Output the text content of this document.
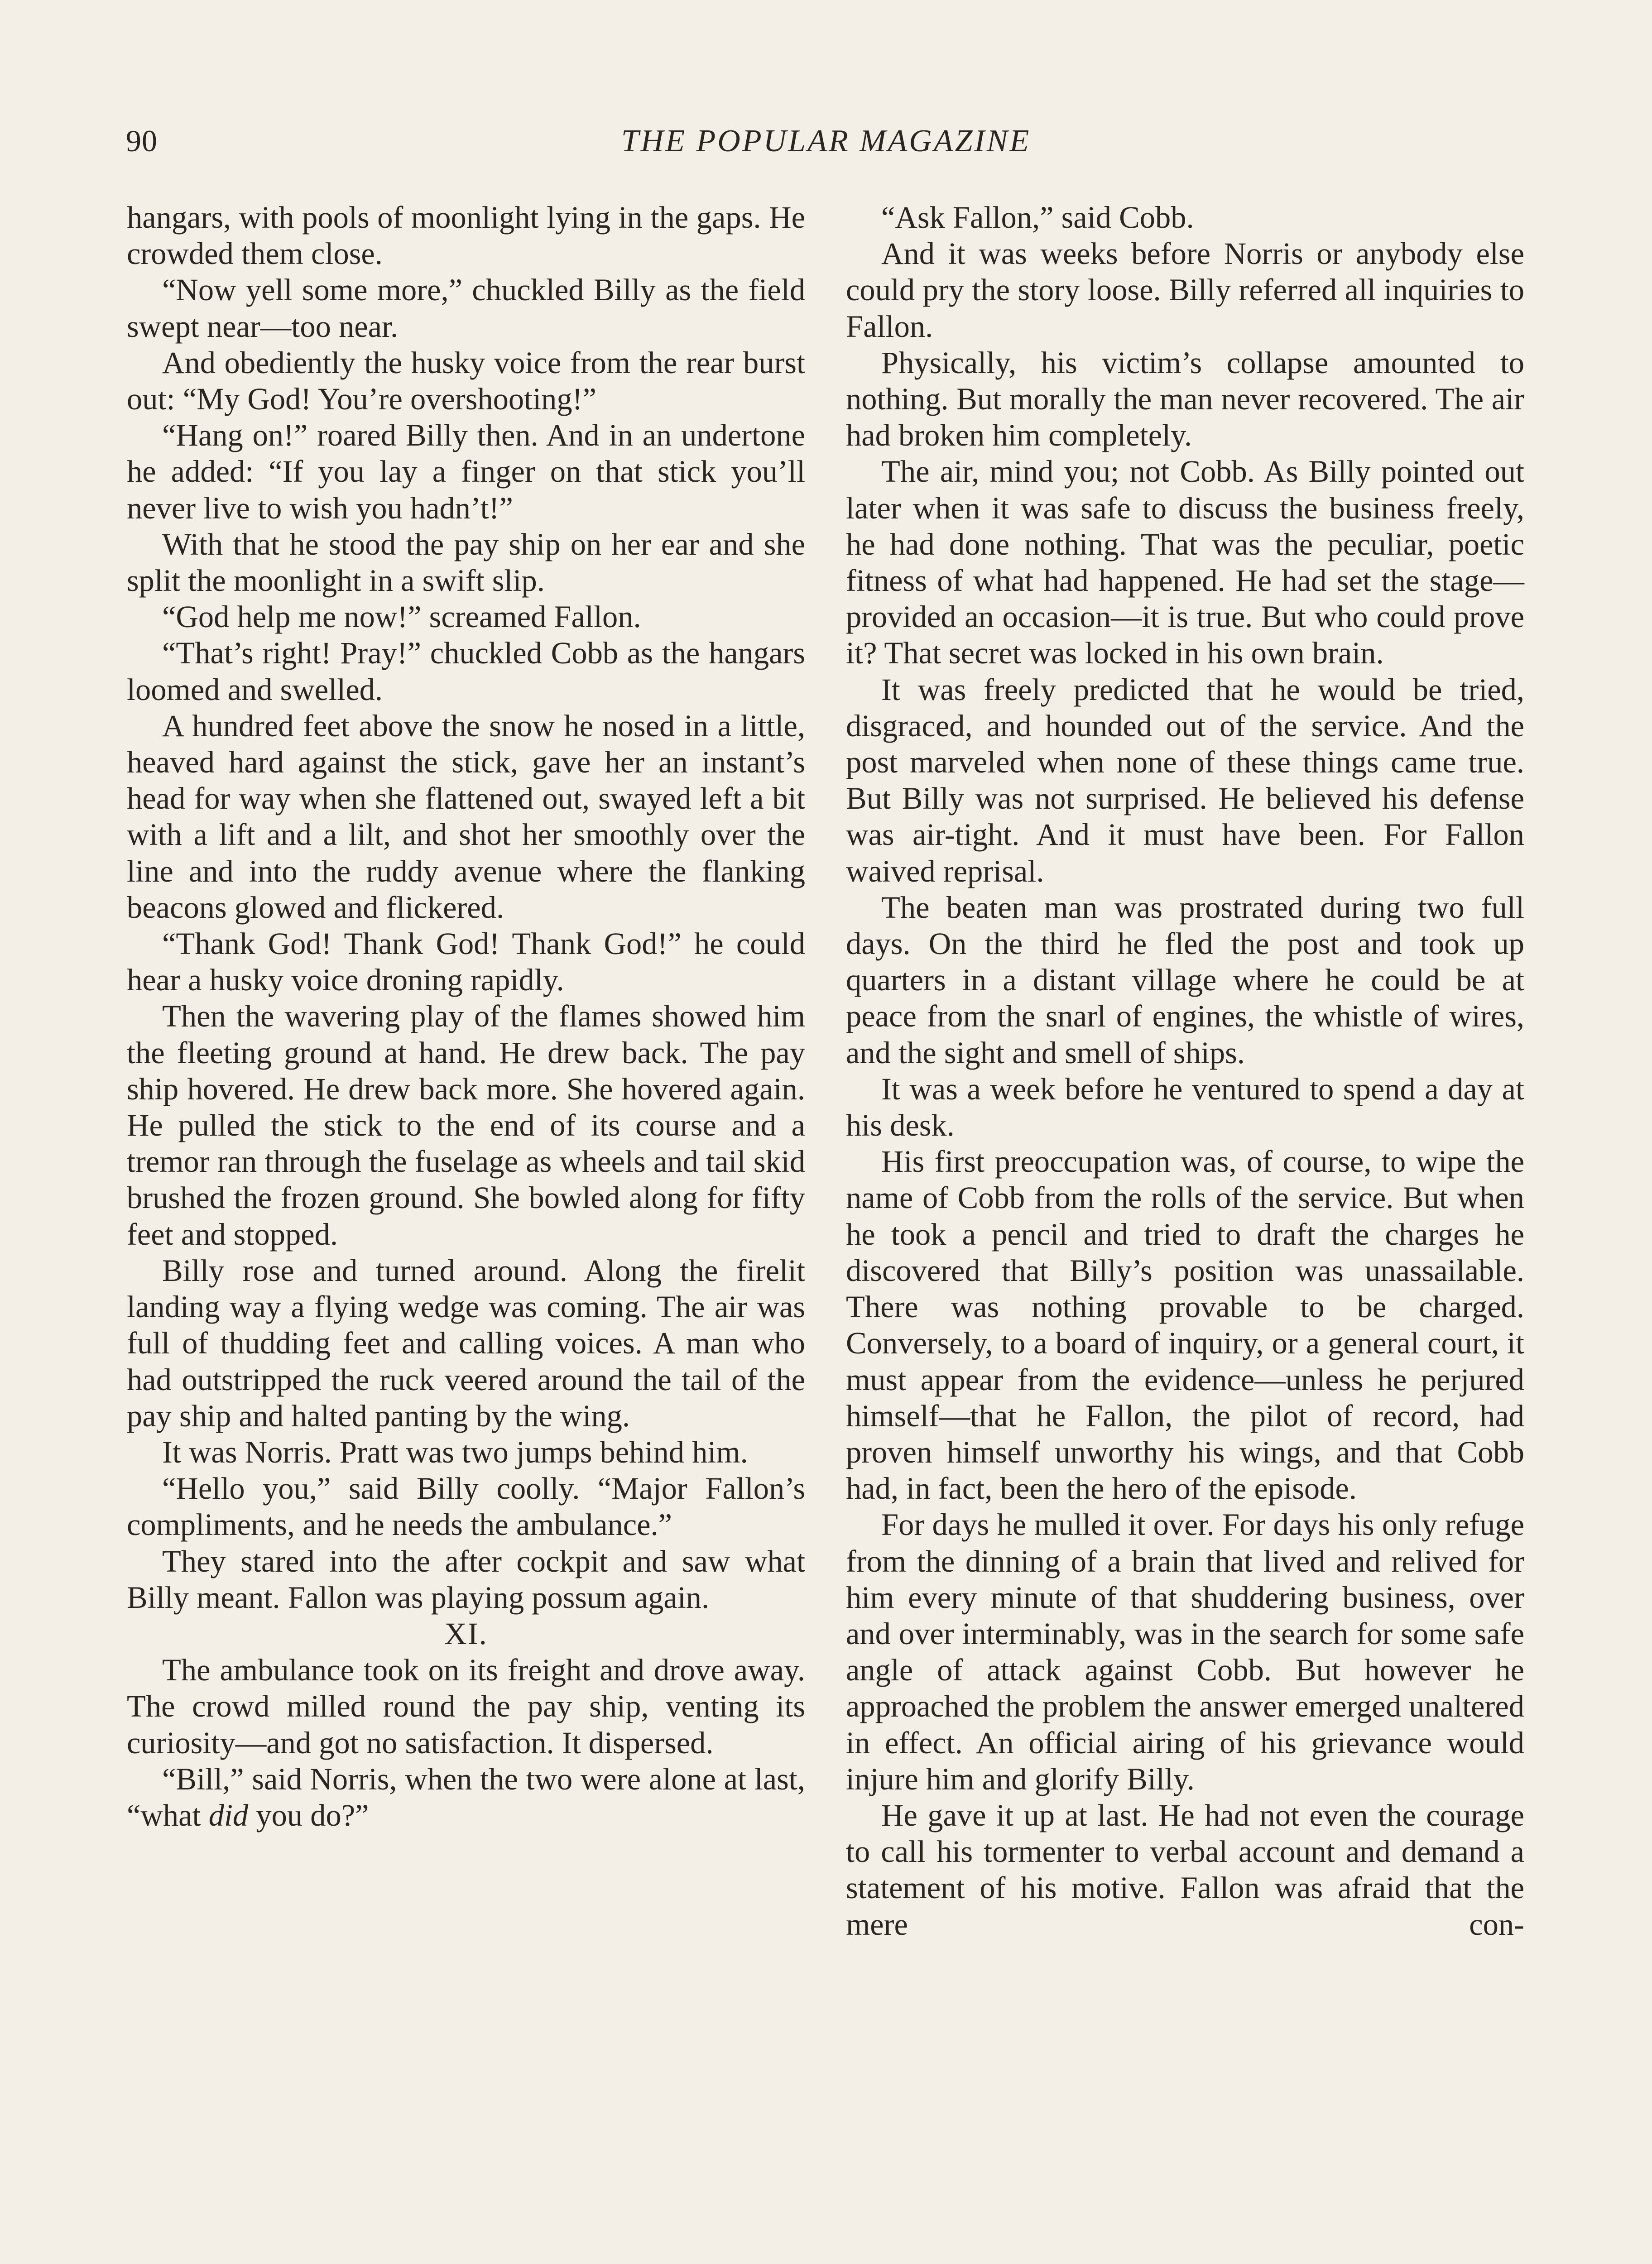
90	THE POPULAR MAGAZINE

hangars, with pools of moonlight lying in the gaps. He crowded them close.

“Now yell some more,” chuckled Billy as the field swept near—too near.

And obediently the husky voice from the rear burst out: “My God! You’re overshooting!”

“Hang on!” roared Billy then. And in an undertone he added: “If you lay a finger on that stick you’ll never live to wish you hadn’t!”

With that he stood the pay ship on her ear and she split the moonlight in a swift slip.

“God help me now!” screamed Fallon.

“That’s right! Pray!” chuckled Cobb as the hangars loomed and swelled.

A hundred feet above the snow he nosed in a little, heaved hard against the stick, gave her an instant’s head for way when she flattened out, swayed left a bit with a lift and a lilt, and shot her smoothly over the line and into the ruddy avenue where the flanking beacons glowed and flickered.

“Thank God! Thank God! Thank God!” he could hear a husky voice droning rapidly.

Then the wavering play of the flames showed him the fleeting ground at hand. He drew back. The pay ship hovered. He drew back more. She hovered again. He pulled the stick to the end of its course and a tremor ran through the fuselage as wheels and tail skid brushed the frozen ground. She bowled along for fifty feet and stopped.

Billy rose and turned around. Along the firelit landing way a flying wedge was coming. The air was full of thudding feet and calling voices. A man who had outstripped the ruck veered around the tail of the pay ship and halted panting by the wing.

It was Norris. Pratt was two jumps behind him.

“Hello you,” said Billy coolly. “Major Fallon’s compliments, and he needs the ambulance.”

They stared into the after cockpit and saw what Billy meant. Fallon was playing possum again.

XI.

The ambulance took on its freight and drove away. The crowd milled round the pay ship, venting its curiosity—and got no satisfaction. It dispersed.

“Bill,” said Norris, when the two were alone at last, “what did you do?”

“Ask Fallon,” said Cobb.

And it was weeks before Norris or anybody else could pry the story loose. Billy referred all inquiries to Fallon.

Physically, his victim’s collapse amounted to nothing. But morally the man never recovered. The air had broken him completely.

The air, mind you; not Cobb. As Billy pointed out later when it was safe to discuss the business freely, he had done nothing. That was the peculiar, poetic fitness of what had happened. He had set the stage—provided an occasion—it is true. But who could prove it? That secret was locked in his own brain.

It was freely predicted that he would be tried, disgraced, and hounded out of the service. And the post marveled when none of these things came true. But Billy was not surprised. He believed his defense was air-tight. And it must have been. For Fallon waived reprisal.

The beaten man was prostrated during two full days. On the third he fled the post and took up quarters in a distant village where he could be at peace from the snarl of engines, the whistle of wires, and the sight and smell of ships.

It was a week before he ventured to spend a day at his desk.

His first preoccupation was, of course, to wipe the name of Cobb from the rolls of the service. But when he took a pencil and tried to draft the charges he discovered that Billy’s position was unassailable. There was nothing provable to be charged. Conversely, to a board of inquiry, or a general court, it must appear from the evidence—unless he perjured himself—that he Fallon, the pilot of record, had proven himself unworthy his wings, and that Cobb had, in fact, been the hero of the episode.

For days he mulled it over. For days his only refuge from the dinning of a brain that lived and relived for him every minute of that shuddering business, over and over interminably, was in the search for some safe angle of attack against Cobb. But however he approached the problem the answer emerged unaltered in effect. An official airing of his grievance would injure him and glorify Billy.

He gave it up at last. He had not even the courage to call his tormenter to verbal account and demand a statement of his motive. Fallon was afraid that the mere con-
